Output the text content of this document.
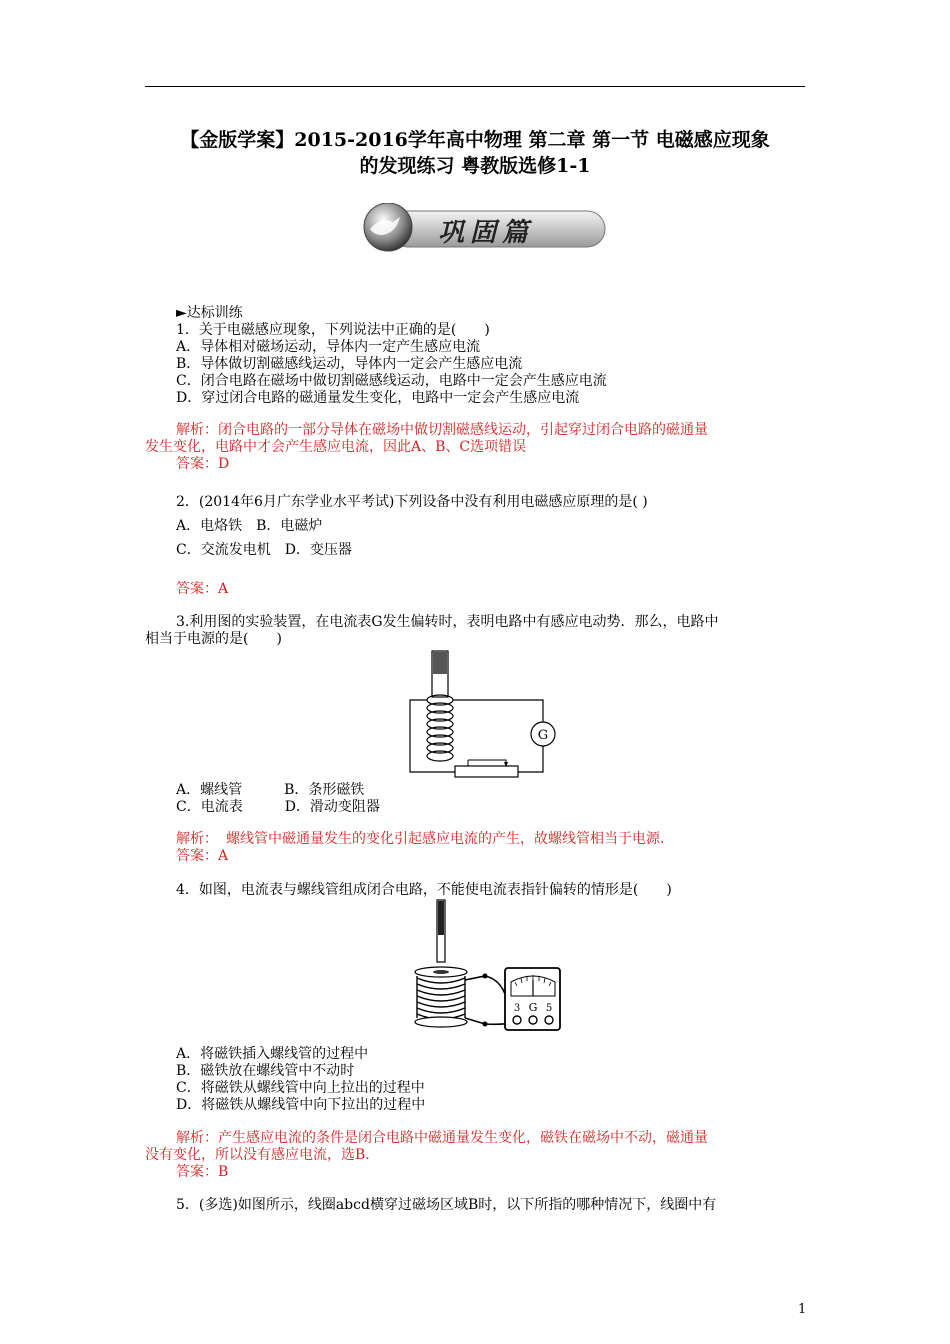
【金版学案】2015-2016学年高中物理 第二章 第一节 电磁感应现象
的发现练习 粤教版选修1-1
巩固篇
►达标训练
1．关于电磁感应现象，下列说法中正确的是(　　)
A．导体相对磁场运动，导体内一定产生感应电流
B．导体做切割磁感线运动，导体内一定会产生感应电流
C．闭合电路在磁场中做切割磁感线运动，电路中一定会产生感应电流
D．穿过闭合电路的磁通量发生变化，电路中一定会产生感应电流
解析：闭合电路的一部分导体在磁场中做切割磁感线运动，引起穿过闭合电路的磁通量
发生变化，电路中才会产生感应电流，因此A、B、C选项错误
答案：D
2．(2014年6月广东学业水平考试)下列设备中没有利用电磁感应原理的是( )
A．电烙铁　B．电磁炉
C．交流发电机　D．变压器
答案：A
3.利用图的实验装置，在电流表G发生偏转时，表明电路中有感应电动势．那么，电路中
相当于电源的是(　　)
G
A．螺线管　　　B．条形磁铁
C．电流表　　　D．滑动变阻器
解析： 螺线管中磁通量发生的变化引起感应电流的产生，故螺线管相当于电源.
答案：A
4．如图，电流表与螺线管组成闭合电路，不能使电流表指针偏转的情形是(　　)
3 G 5
A．将磁铁插入螺线管的过程中
B．磁铁放在螺线管中不动时
C．将磁铁从螺线管中向上拉出的过程中
D．将磁铁从螺线管中向下拉出的过程中
解析：产生感应电流的条件是闭合电路中磁通量发生变化，磁铁在磁场中不动，磁通量
没有变化，所以没有感应电流，选B.
答案：B
5．(多选)如图所示，线圈abcd横穿过磁场区域B时，以下所指的哪种情况下，线圈中有
1
